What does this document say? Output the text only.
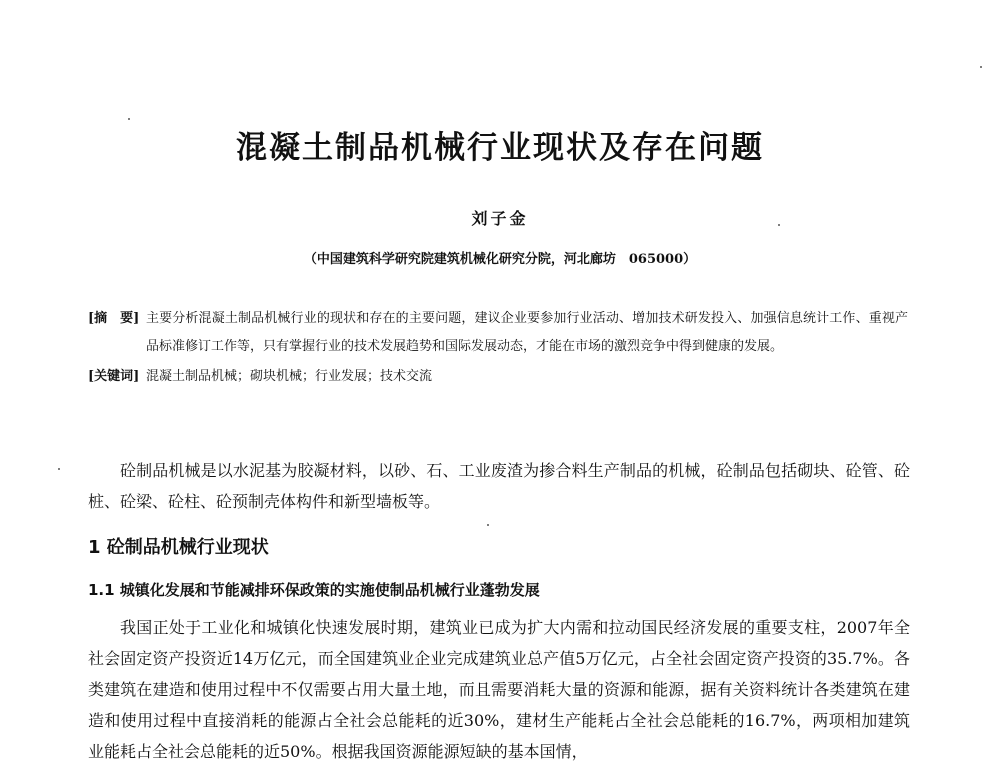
混凝土制品机械行业现状及存在问题
刘子金
（中国建筑科学研究院建筑机械化研究分院，河北廊坊　065000）
[摘　要] 主要分析混凝土制品机械行业的现状和存在的主要问题，建议企业要参加行业活动、增加技术研发投入、加强信息统计工作、重视产品标准修订工作等，只有掌握行业的技术发展趋势和国际发展动态，才能在市场的激烈竞争中得到健康的发展。
[关键词] 混凝土制品机械；砌块机械；行业发展；技术交流
砼制品机械是以水泥基为胶凝材料，以砂、石、工业废渣为掺合料生产制品的机械，砼制品包括砌块、砼管、砼桩、砼梁、砼柱、砼预制壳体构件和新型墙板等。
1 砼制品机械行业现状
1.1 城镇化发展和节能减排环保政策的实施使制品机械行业蓬勃发展
我国正处于工业化和城镇化快速发展时期，建筑业已成为扩大内需和拉动国民经济发展的重要支柱，2007年全社会固定资产投资近14万亿元，而全国建筑业企业完成建筑业总产值5万亿元，占全社会固定资产投资的35.7%。各类建筑在建造和使用过程中不仅需要占用大量土地，而且需要消耗大量的资源和能源，据有关资料统计各类建筑在建造和使用过程中直接消耗的能源占全社会总能耗的近30%，建材生产能耗占全社会总能耗的16.7%，两项相加建筑业能耗占全社会总能耗的近50%。根据我国资源能源短缺的基本国情，
